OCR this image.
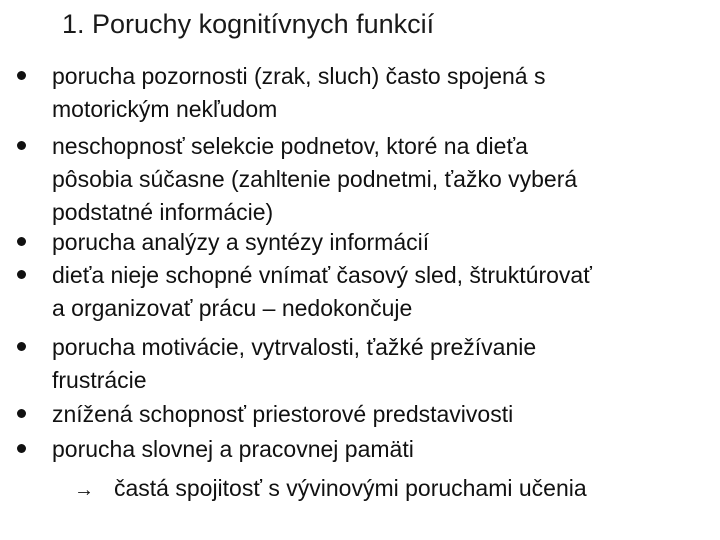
1. Poruchy kognitívnych funkcií
porucha pozornosti (zrak, sluch) často spojená s
motorickým nekľudom
neschopnosť selekcie podnetov, ktoré na dieťa
pôsobia súčasne (zahltenie podnetmi, ťažko vyberá
podstatné informácie)
porucha analýzy a syntézy informácií
dieťa nieje schopné vnímať časový sled, štruktúrovať
a organizovať prácu – nedokončuje
porucha motivácie, vytrvalosti, ťažké prežívanie
frustrácie
znížená schopnosť priestorové predstavivosti
porucha slovnej a pracovnej pamäti
→ častá spojitosť s vývinovými poruchami učenia
